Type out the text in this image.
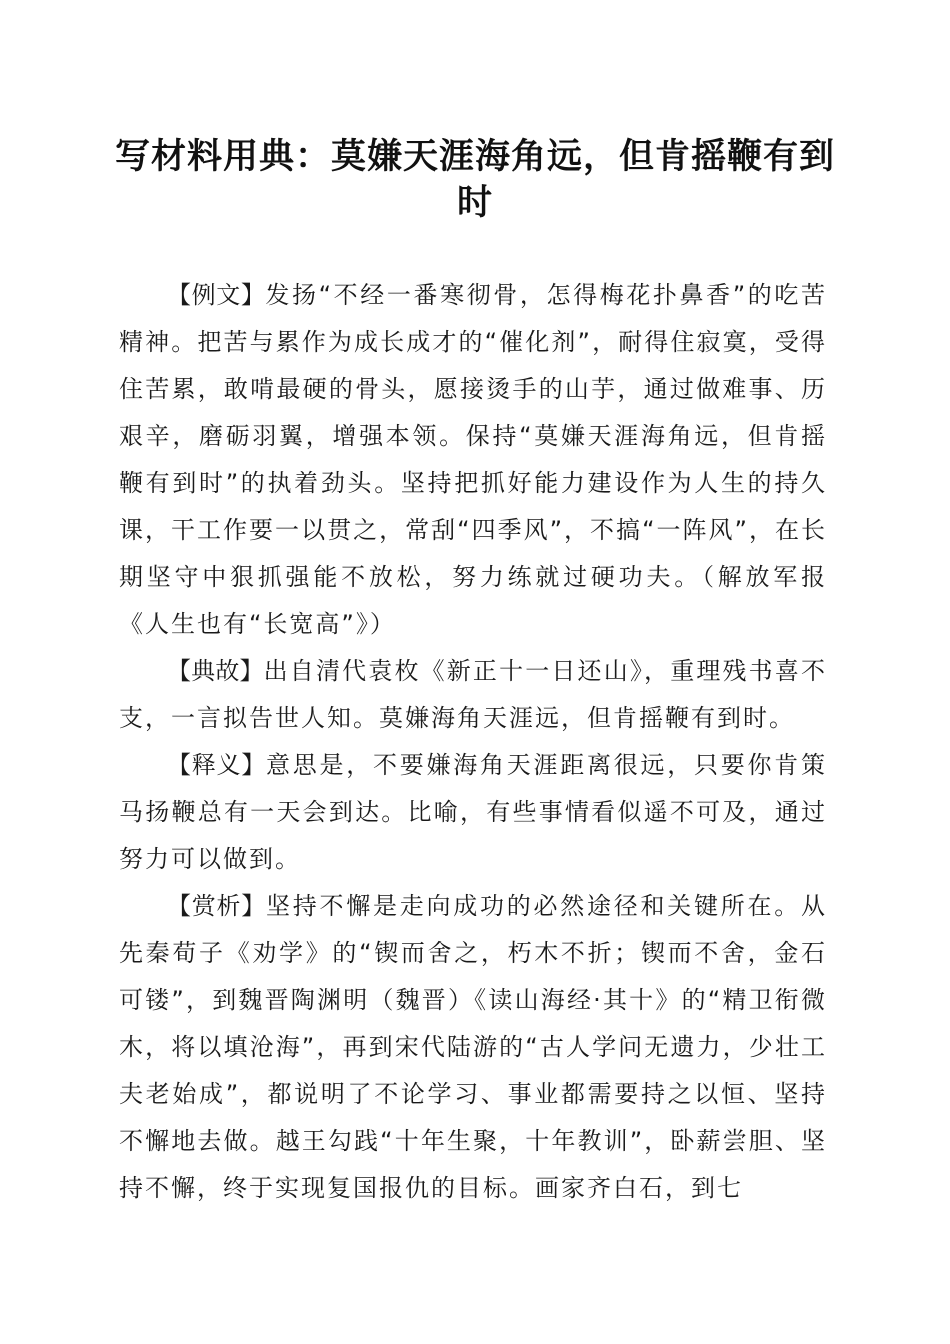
写材料用典：莫嫌天涯海角远，但肯摇鞭有到时

【例文】发扬“不经一番寒彻骨，怎得梅花扑鼻香”的吃苦精神。把苦与累作为成长成才的“催化剂”，耐得住寂寞，受得住苦累，敢啃最硬的骨头，愿接烫手的山芋，通过做难事、历艰辛，磨砺羽翼，增强本领。保持“莫嫌天涯海角远，但肯摇鞭有到时”的执着劲头。坚持把抓好能力建设作为人生的持久课，干工作要一以贯之，常刮“四季风”，不搞“一阵风”，在长期坚守中狠抓强能不放松，努力练就过硬功夫。（解放军报《人生也有“长宽高”》）

【典故】出自清代袁枚《新正十一日还山》，重理残书喜不支，一言拟告世人知。莫嫌海角天涯远，但肯摇鞭有到时。

【释义】意思是，不要嫌海角天涯距离很远，只要你肯策马扬鞭总有一天会到达。比喻，有些事情看似遥不可及，通过努力可以做到。

【赏析】坚持不懈是走向成功的必然途径和关键所在。从先秦荀子《劝学》的“锲而舍之，朽木不折；锲而不舍，金石可镂”，到魏晋陶渊明（魏晋）《读山海经·其十》的“精卫衔微木，将以填沧海”，再到宋代陆游的“古人学问无遗力，少壮工夫老始成”，都说明了不论学习、事业都需要持之以恒、坚持不懈地去做。越王勾践“十年生聚，十年教训”，卧薪尝胆、坚持不懈，终于实现复国报仇的目标。画家齐白石，到七
